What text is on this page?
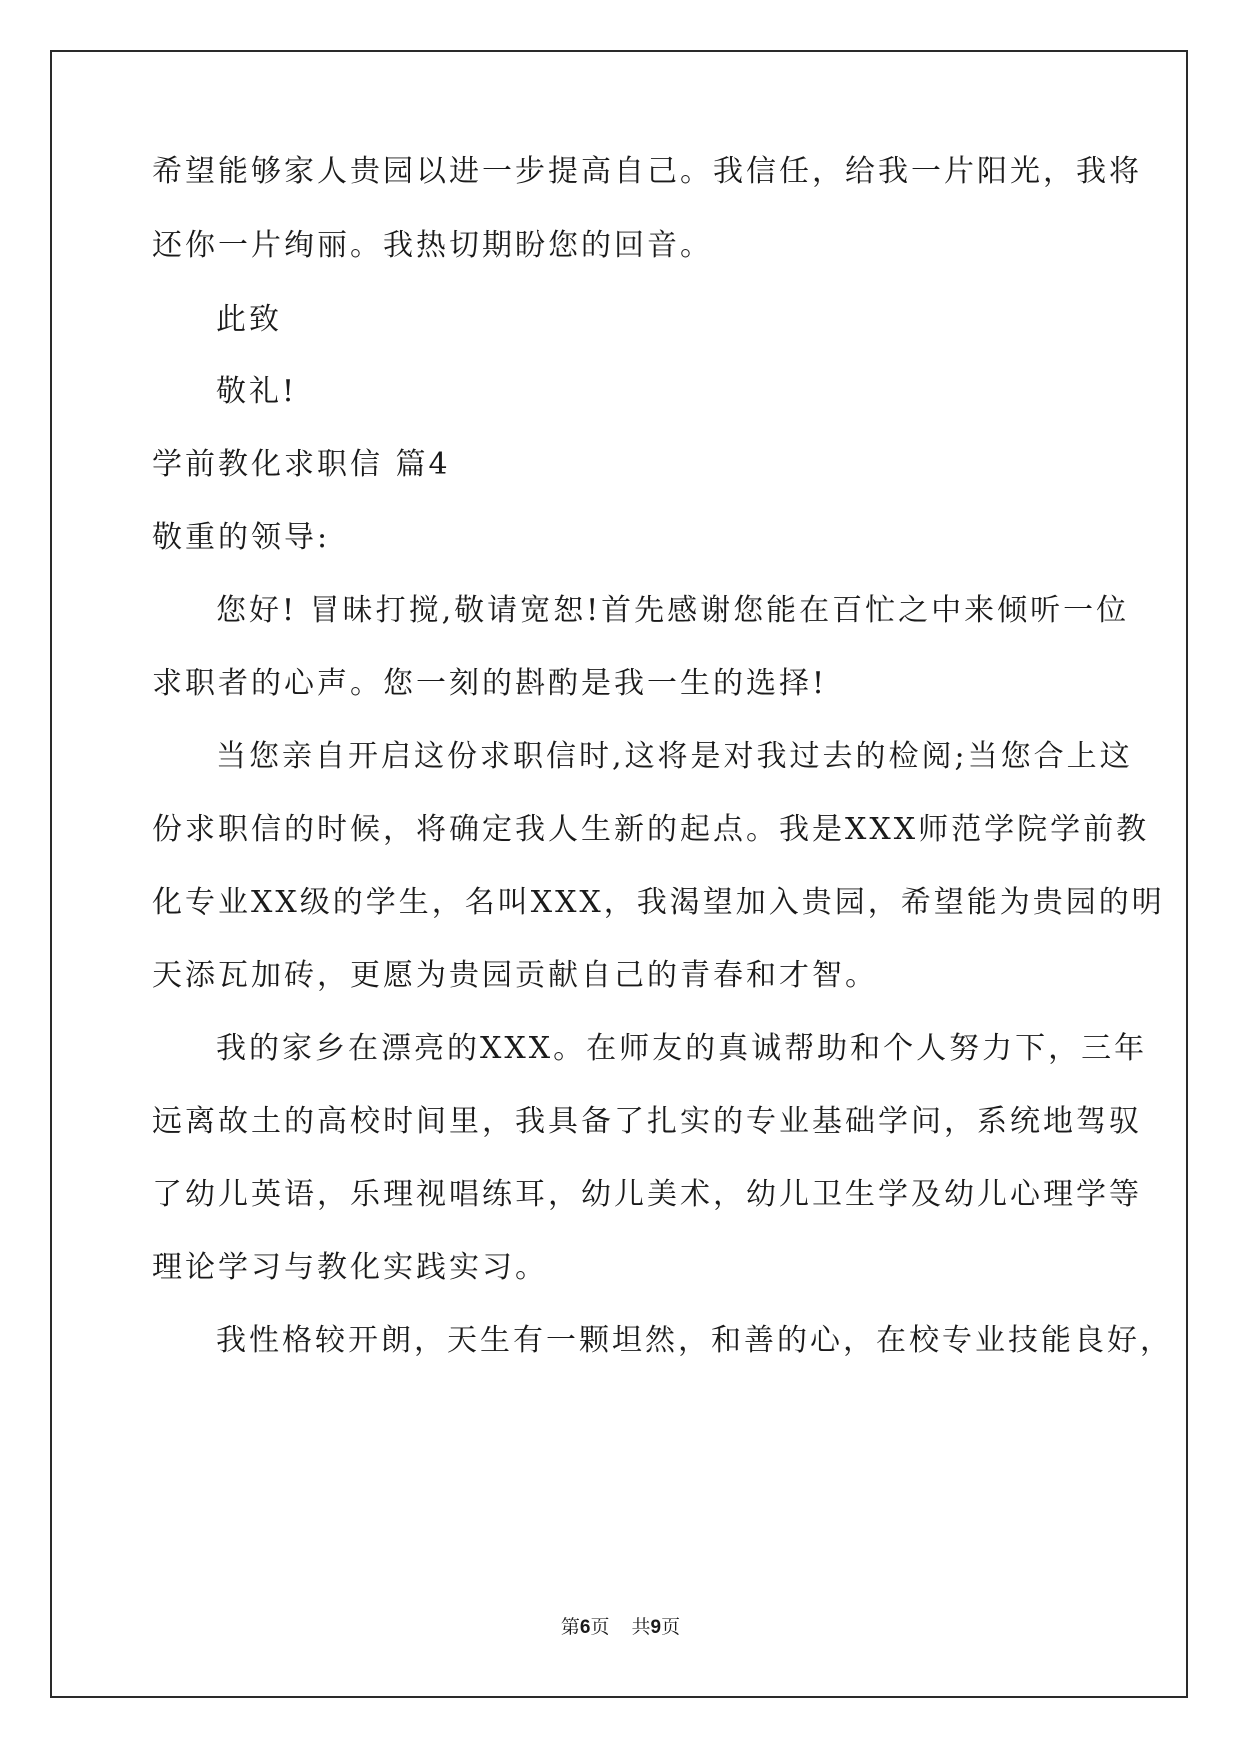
希望能够家人贵园以进一步提高自己。我信任，给我一片阳光，我将
还你一片绚丽。我热切期盼您的回音。
此致
敬礼!
学前教化求职信 篇4
敬重的领导:
您好! 冒昧打搅,敬请宽恕!首先感谢您能在百忙之中来倾听一位
求职者的心声。您一刻的斟酌是我一生的选择!
当您亲自开启这份求职信时,这将是对我过去的检阅;当您合上这
份求职信的时候，将确定我人生新的起点。我是XXX师范学院学前教
化专业XX级的学生，名叫XXX，我渴望加入贵园，希望能为贵园的明
天添瓦加砖，更愿为贵园贡献自己的青春和才智。
我的家乡在漂亮的XXX。在师友的真诚帮助和个人努力下，三年
远离故土的高校时间里，我具备了扎实的专业基础学问，系统地驾驭
了幼儿英语，乐理视唱练耳，幼儿美术，幼儿卫生学及幼儿心理学等
理论学习与教化实践实习。
我性格较开朗，天生有一颗坦然，和善的心，在校专业技能良好，
第6页 共9页
